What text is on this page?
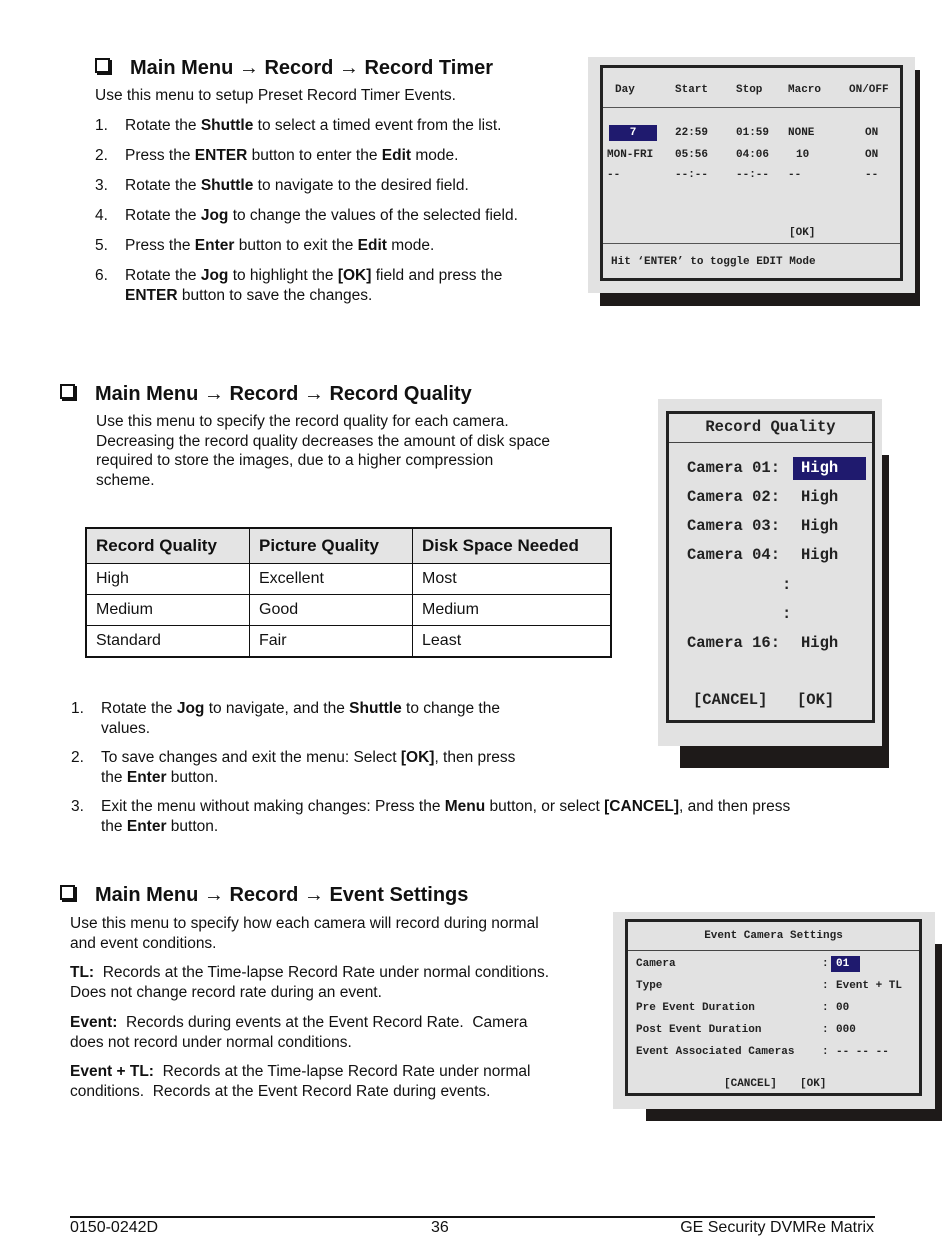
Main Menu → Record → Record Timer
Use this menu to setup Preset Record Timer Events.
1. Rotate the Shuttle to select a timed event from the list.
2. Press the ENTER button to enter the Edit mode.
3. Rotate the Shuttle to navigate to the desired field.
4. Rotate the Jog to change the values of the selected field.
5. Press the Enter button to exit the Edit mode.
6. Rotate the Jog to highlight the [OK] field and press the
ENTER button to save the changes.
Day	Start	Stop Macro	ON/OFF
7	22:59	01:59 NONE	ON
MON-FRI 05:56	04:06 10	ON
--	--:--	--:-- --	--
[OK]
Hit ‘ENTER’ to toggle EDIT Mode
Main Menu → Record → Record Quality
Use this menu to specify the record quality for each camera.
Decreasing the record quality decreases the amount of disk space
required to store the images, due to a higher compression
scheme.
Record Quality	Picture Quality	Disk Space Needed
High	Excellent	Most
Medium	Good	Medium
Standard	Fair	Least
1. Rotate the Jog to navigate, and the Shuttle to change the
values.
2. To save changes and exit the menu: Select [OK], then press
the Enter button.
3. Exit the menu without making changes: Press the Menu button, or select [CANCEL], and then press
the Enter button.
Record Quality
Camera 01:	High
Camera 02: High
Camera 03: High
Camera 04: High
:
:
Camera 16: High
[CANCEL] [OK]
Main Menu → Record → Event Settings
Use this menu to specify how each camera will record during normal
and event conditions.
TL:  Records at the Time-lapse Record Rate under normal conditions.
Does not change record rate during an event.
Event:  Records during events at the Event Record Rate.  Camera
does not record under normal conditions.
Event + TL:  Records at the Time-lapse Record Rate under normal
conditions.  Records at the Event Record Rate during events.
Event Camera Settings
Camera	: 01
Type	: Event + TL
Pre Event Duration	: 00
Post Event Duration	: 000
Event Associated Cameras	: -- -- --
[CANCEL] [OK]
0150-0242D	36	GE Security DVMRe Matrix
